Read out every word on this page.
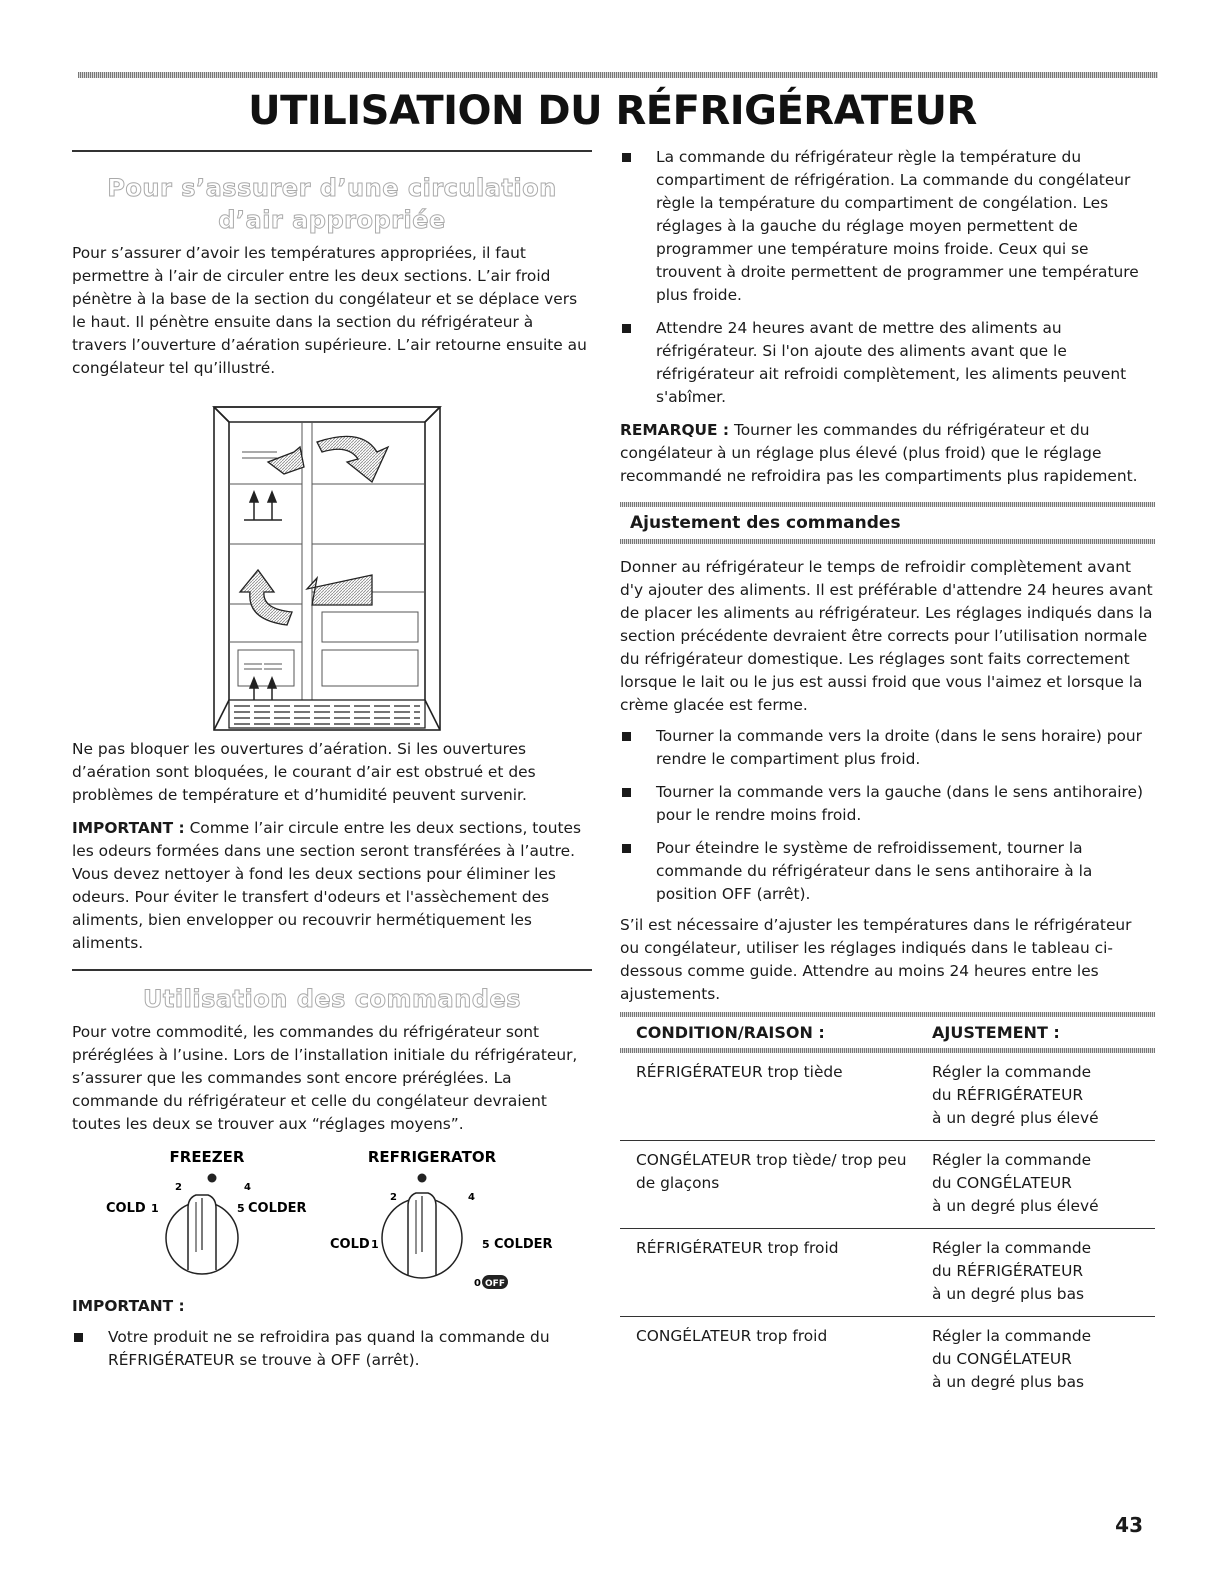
UTILISATION DU RÉFRIGÉRATEUR
Pour s’assurer d’une circulation d’air appropriée

Pour s’assurer d’avoir les températures appropriées, il faut permettre à l’air de circuler entre les deux sections. L’air froid pénètre à la base de la section du congélateur et se déplace vers le haut. Il pénètre ensuite dans la section du réfrigérateur à travers l’ouverture d’aération supérieure. L’air retourne ensuite au congélateur tel qu’illustré.

Ne pas bloquer les ouvertures d’aération. Si les ouvertures d’aération sont bloquées, le courant d’air est obstrué et des problèmes de température et d’humidité peuvent survenir.

IMPORTANT : Comme l’air circule entre les deux sections, toutes les odeurs formées dans une section seront transférées à l’autre. Vous devez nettoyer à fond les deux sections pour éliminer les odeurs. Pour éviter le transfert d'odeurs et l'assèchement des aliments, bien envelopper ou recouvrir hermétiquement les aliments.

Utilisation des commandes

Pour votre commodité, les commandes du réfrigérateur sont préréglées à l’usine. Lors de l’installation initiale du réfrigérateur, s’assurer que les commandes sont encore préréglées. La commande du réfrigérateur et celle du congélateur devraient toutes les deux se trouver aux “réglages moyens”.

FREEZER
2	4
COLD 1	5 COLDER
REFRIGERATOR
2	4
COLD 1	5 COLDER
0 OFF

IMPORTANT :

Votre produit ne se refroidira pas quand la commande du RÉFRIGÉRATEUR se trouve à OFF (arrêt).
La commande du réfrigérateur règle la température du compartiment de réfrigération. La commande du congélateur règle la température du compartiment de congélation. Les réglages à la gauche du réglage moyen permettent de programmer une température moins froide. Ceux qui se trouvent à droite permettent de programmer une température plus froide.
Attendre 24 heures avant de mettre des aliments au réfrigérateur. Si l'on ajoute des aliments avant que le réfrigérateur ait refroidi complètement, les aliments peuvent s'abîmer.

REMARQUE : Tourner les commandes du réfrigérateur et du congélateur à un réglage plus élevé (plus froid) que le réglage recommandé ne refroidira pas les compartiments plus rapidement.

Ajustement des commandes

Donner au réfrigérateur le temps de refroidir complètement avant d'y ajouter des aliments. Il est préférable d'attendre 24 heures avant de placer les aliments au réfrigérateur. Les réglages indiqués dans la section précédente devraient être corrects pour l’utilisation normale du réfrigérateur domestique. Les réglages sont faits correctement lorsque le lait ou le jus est aussi froid que vous l'aimez et lorsque la crème glacée est ferme.

Tourner la commande vers la droite (dans le sens horaire) pour rendre le compartiment plus froid.
Tourner la commande vers la gauche (dans le sens antihoraire) pour le rendre moins froid.
Pour éteindre le système de refroidissement, tourner la commande du réfrigérateur dans le sens antihoraire à la position OFF (arrêt).

S’il est nécessaire d’ajuster les températures dans le réfrigérateur ou congélateur, utiliser les réglages indiqués dans le tableau ci-dessous comme guide. Attendre au moins 24 heures entre les ajustements.

CONDITION/RAISON :	AJUSTEMENT :

RÉFRIGÉRATEUR trop tiède	Régler la commande
du RÉFRIGÉRATEUR
à un degré plus élevé

CONGÉLATEUR trop tiède/ trop peu de glaçons	Régler la commande
du CONGÉLATEUR
à un degré plus élevé

RÉFRIGÉRATEUR trop froid	Régler la commande
du RÉFRIGÉRATEUR
à un degré plus bas

CONGÉLATEUR trop froid	Régler la commande
du CONGÉLATEUR
à un degré plus bas
43
